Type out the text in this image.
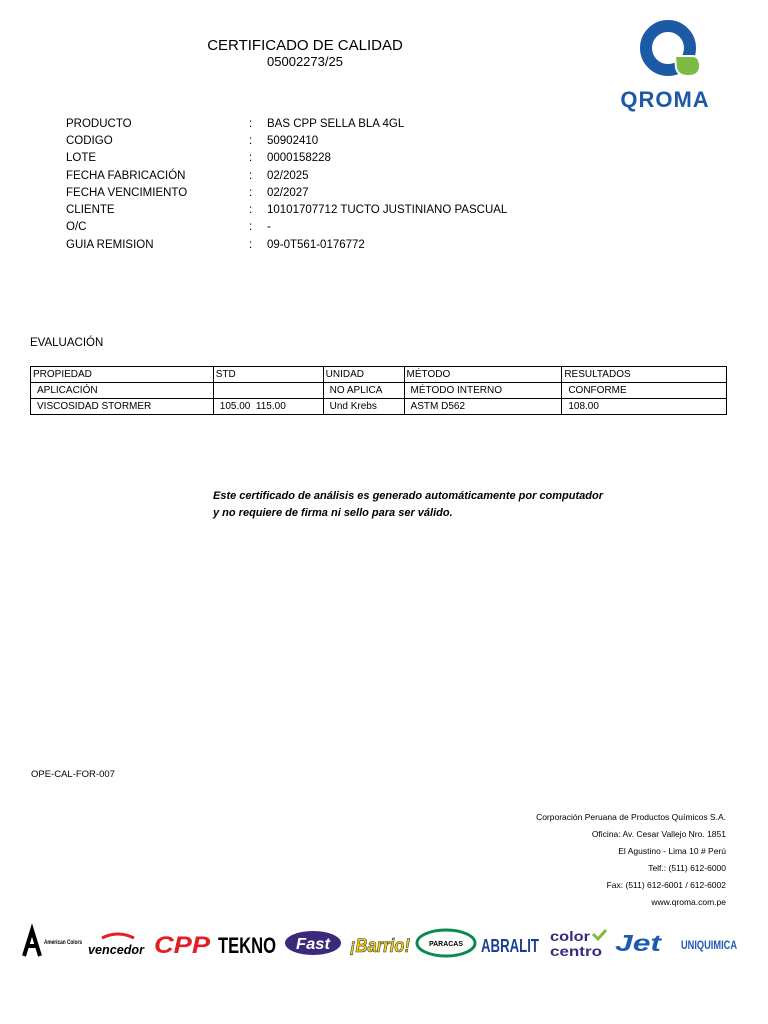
CERTIFICADO DE CALIDAD
05002273/25
QROMA
PRODUCTO	: BAS CPP SELLA BLA 4GL
CODIGO	: 50902410
LOTE	: 0000158228
FECHA FABRICACIÓN	: 02/2025
FECHA VENCIMIENTO	: 02/2027
CLIENTE	: 10101707712 TUCTO JUSTINIANO PASCUAL
O/C	: -
GUIA REMISION	: 09-0T561-0176772
EVALUACIÓN
PROPIEDAD	STD	UNIDAD	MÉTODO	RESULTADOS
APLICACIÓN		NO APLICA	MÉTODO INTERNO	CONFORME
VISCOSIDAD STORMER	105.00  115.00	Und Krebs	ASTM D562	108.00
Este certificado de análisis es generado automáticamente por computador
y no requiere de firma ni sello para ser válido.
OPE-CAL-FOR-007
Corporación Peruana de Productos Químicos S.A.
Oficina: Av. Cesar Vallejo Nro. 1851
El Agustino - Lima 10 # Perú
Telf.: (511) 612-6000
Fax: (511) 612-6001 / 612-6002
www.qroma.com.pe
American Colors vencedor CPP TEKNO Fast ¡Barrio!	PARACAS ABRALIT color
centro Jet UNIQUIMICA
